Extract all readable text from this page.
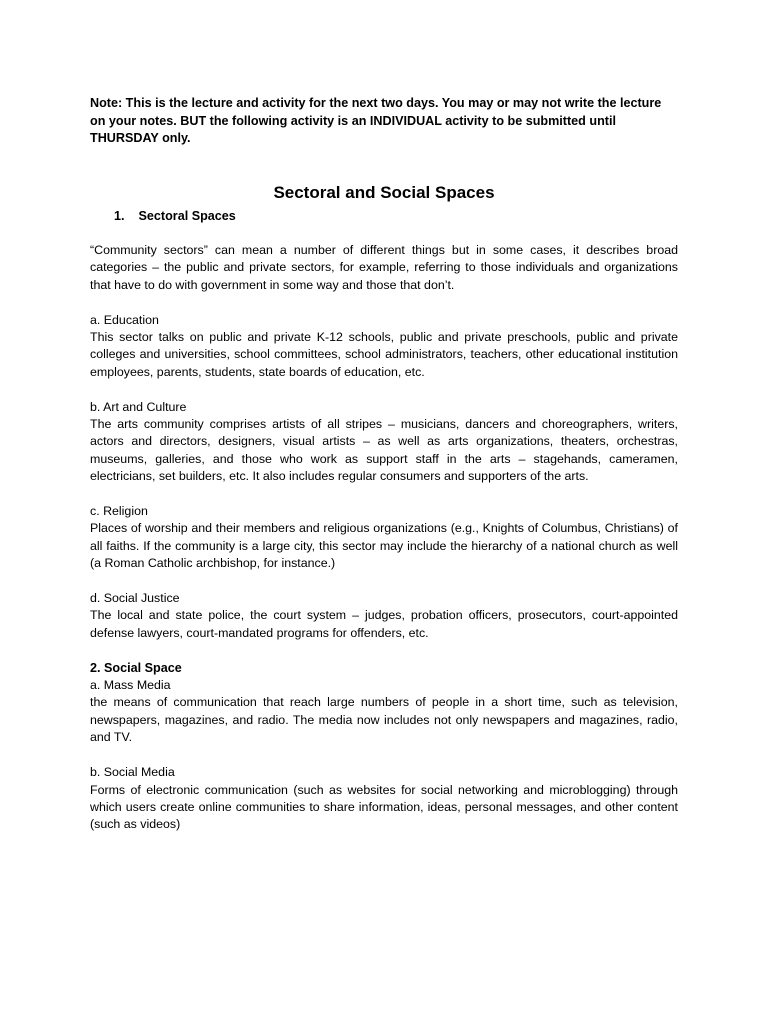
Note: This is the lecture and activity for the next two days. You may or may not write the lecture on your notes. BUT the following activity is an INDIVIDUAL activity to be submitted until THURSDAY only.

Sectoral and Social Spaces
1. Sectoral Spaces

“Community sectors” can mean a number of different things but in some cases, it describes broad categories – the public and private sectors, for example, referring to those individuals and organizations that have to do with government in some way and those that don’t.

a. Education

This sector talks on public and private K-12 schools, public and private preschools, public and private colleges and universities, school committees, school administrators, teachers, other educational institution employees, parents, students, state boards of education, etc.

b. Art and Culture

The arts community comprises artists of all stripes – musicians, dancers and choreographers, writers, actors and directors, designers, visual artists – as well as arts organizations, theaters, orchestras, museums, galleries, and those who work as support staff in the arts – stagehands, cameramen, electricians, set builders, etc. It also includes regular consumers and supporters of the arts.

c. Religion

Places of worship and their members and religious organizations (e.g., Knights of Columbus, Christians) of all faiths. If the community is a large city, this sector may include the hierarchy of a national church as well (a Roman Catholic archbishop, for instance.)

d. Social Justice

The local and state police, the court system – judges, probation officers, prosecutors, court-appointed defense lawyers, court-mandated programs for offenders, etc.

2. Social Space

a. Mass Media

the means of communication that reach large numbers of people in a short time, such as television, newspapers, magazines, and radio. The media now includes not only newspapers and magazines, radio, and TV.

b. Social Media

Forms of electronic communication (such as websites for social networking and microblogging) through which users create online communities to share information, ideas, personal messages, and other content (such as videos)
